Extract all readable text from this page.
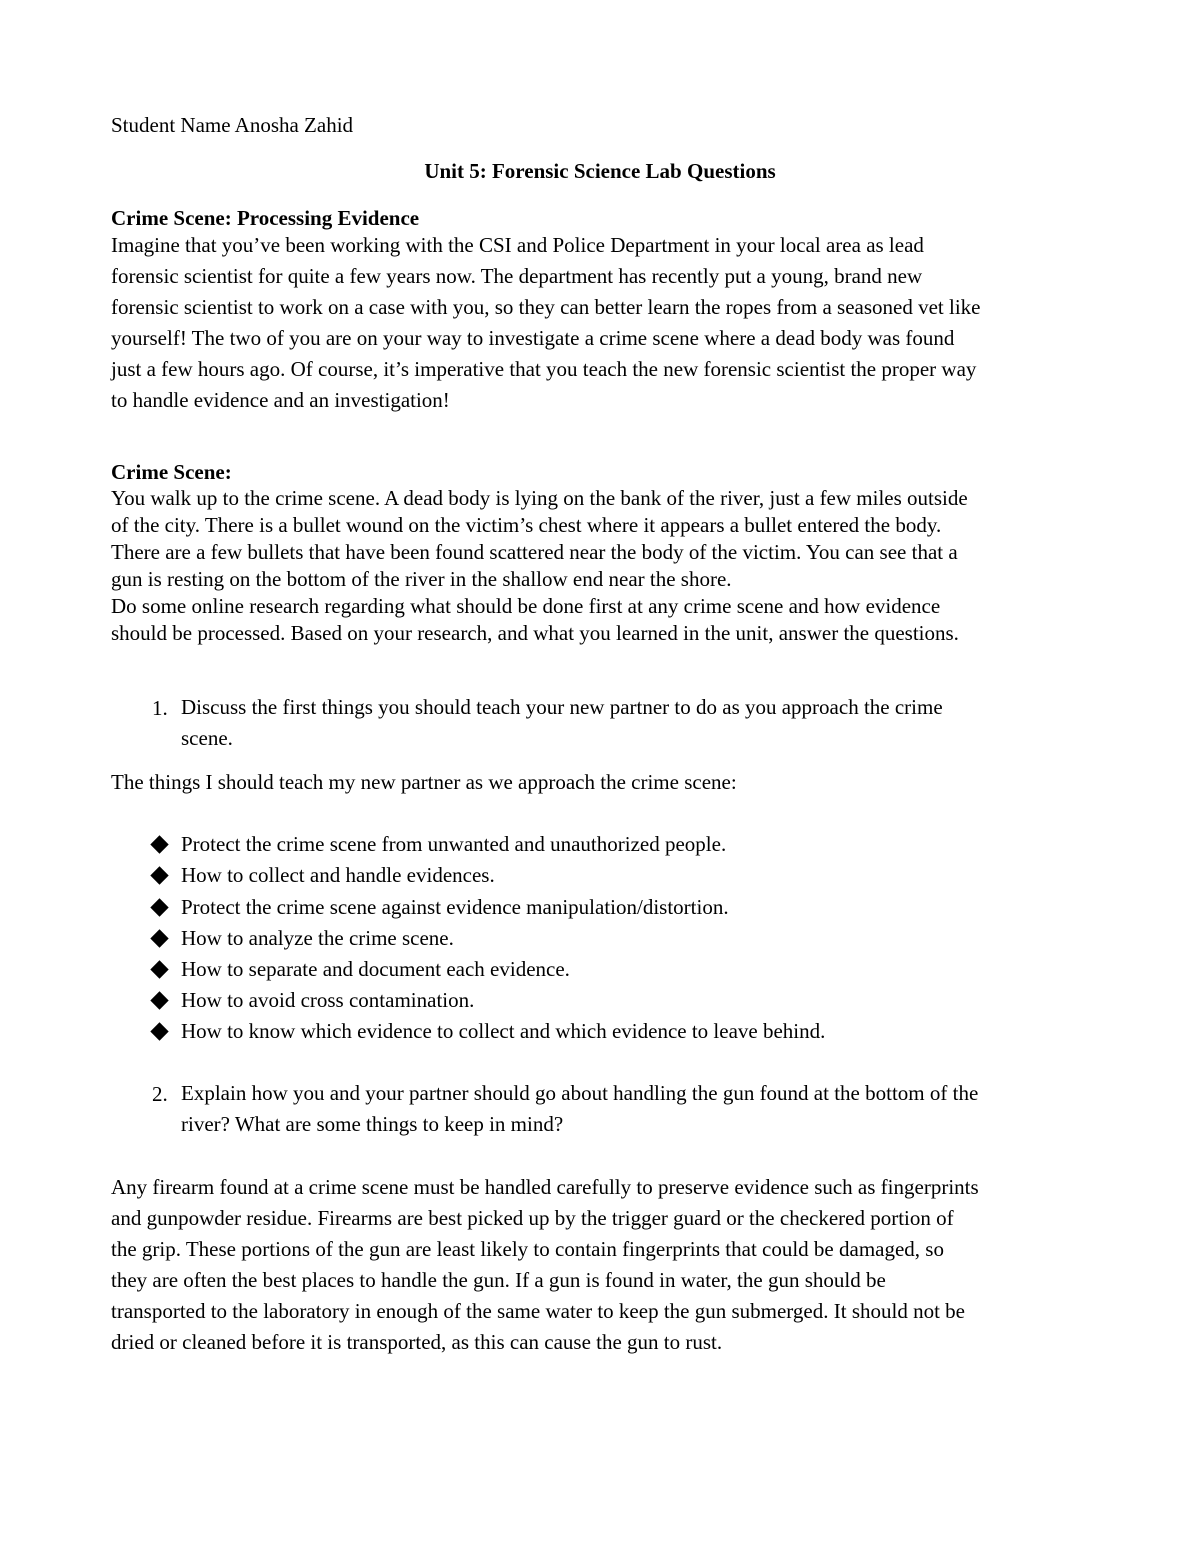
Student Name Anosha Zahid

Unit 5: Forensic Science Lab Questions

Crime Scene: Processing Evidence

Imagine that you’ve been working with the CSI and Police Department in your local area as lead
forensic scientist for quite a few years now. The department has recently put a young, brand new
forensic scientist to work on a case with you, so they can better learn the ropes from a seasoned vet like
yourself! The two of you are on your way to investigate a crime scene where a dead body was found
just a few hours ago. Of course, it’s imperative that you teach the new forensic scientist the proper way
to handle evidence and an investigation!

Crime Scene:

You walk up to the crime scene. A dead body is lying on the bank of the river, just a few miles outside
of the city. There is a bullet wound on the victim’s chest where it appears a bullet entered the body.
There are a few bullets that have been found scattered near the body of the victim. You can see that a
gun is resting on the bottom of the river in the shallow end near the shore.
Do some online research regarding what should be done first at any crime scene and how evidence
should be processed. Based on your research, and what you learned in the unit, answer the questions.

1. Discuss the first things you should teach your new partner to do as you approach the crime
scene.

The things I should teach my new partner as we approach the crime scene:

Protect the crime scene from unwanted and unauthorized people.
How to collect and handle evidences.
Protect the crime scene against evidence manipulation/distortion.
How to analyze the crime scene.
How to separate and document each evidence.
How to avoid cross contamination.
How to know which evidence to collect and which evidence to leave behind.

2. Explain how you and your partner should go about handling the gun found at the bottom of the
river? What are some things to keep in mind?
Any firearm found at a crime scene must be handled carefully to preserve evidence such as fingerprints
and gunpowder residue. Firearms are best picked up by the trigger guard or the checkered portion of
the grip. These portions of the gun are least likely to contain fingerprints that could be damaged, so
they are often the best places to handle the gun. If a gun is found in water, the gun should be
transported to the laboratory in enough of the same water to keep the gun submerged. It should not be
dried or cleaned before it is transported, as this can cause the gun to rust.
